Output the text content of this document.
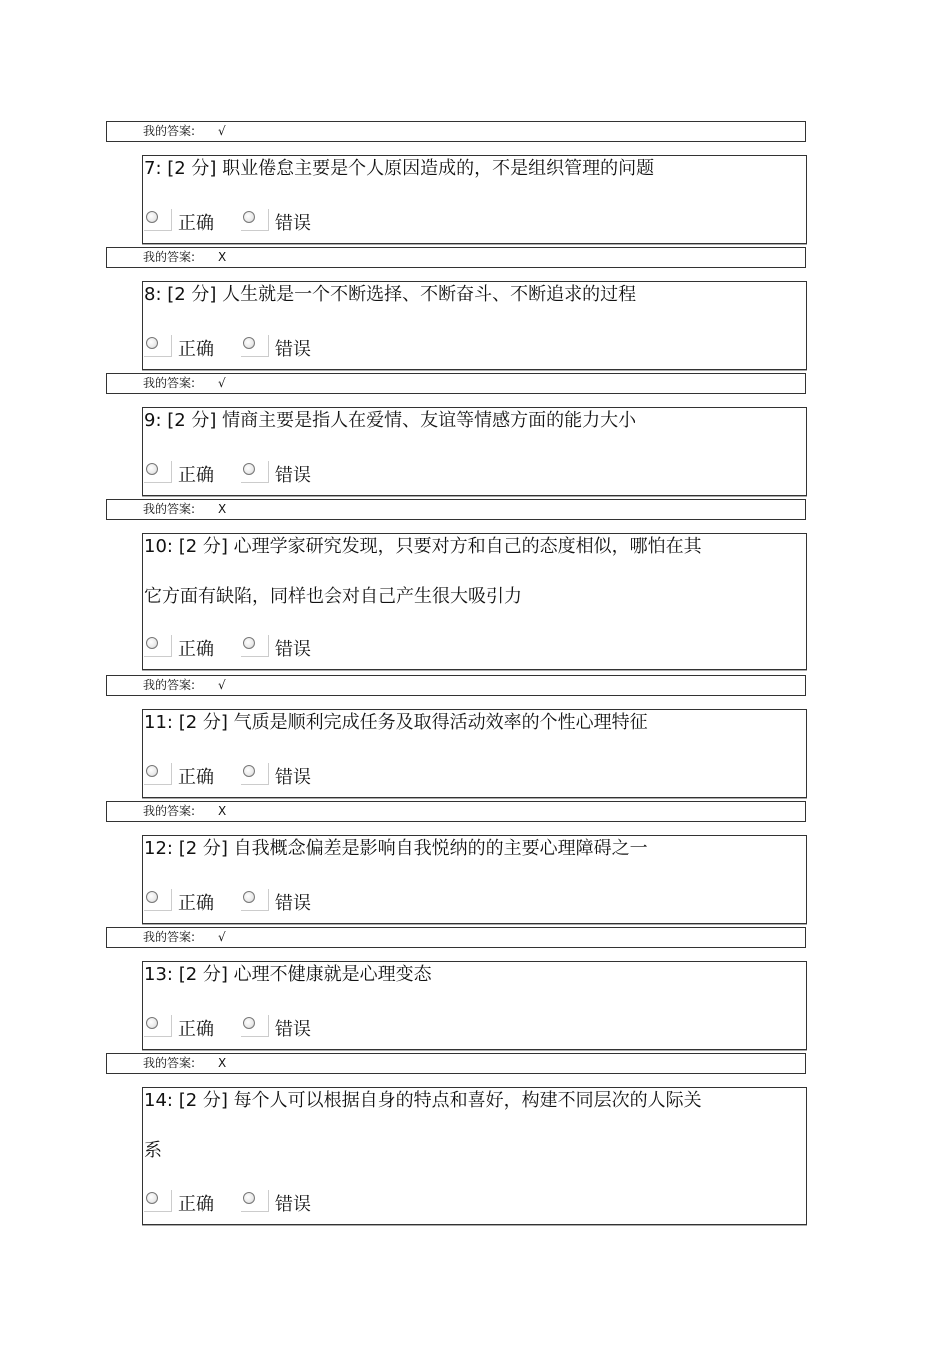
我的答案: √
我的答案: X
我的答案: √
我的答案: X
我的答案: √
我的答案: X
我的答案: √
我的答案: X
7: [2 分] 职业倦怠主要是个人原因造成的，不是组织管理的问题
正确	错误
8: [2 分] 人生就是一个不断选择、不断奋斗、不断追求的过程
正确	错误
9: [2 分] 情商主要是指人在爱情、友谊等情感方面的能力大小
正确	错误
10: [2 分] 心理学家研究发现，只要对方和自己的态度相似，哪怕在其
它方面有缺陷，同样也会对自己产生很大吸引力
正确	错误
11: [2 分] 气质是顺利完成任务及取得活动效率的个性心理特征
正确	错误
12: [2 分] 自我概念偏差是影响自我悦纳的的主要心理障碍之一
正确	错误
13: [2 分] 心理不健康就是心理变态
正确	错误
14: [2 分] 每个人可以根据自身的特点和喜好，构建不同层次的人际关
系
正确	错误
